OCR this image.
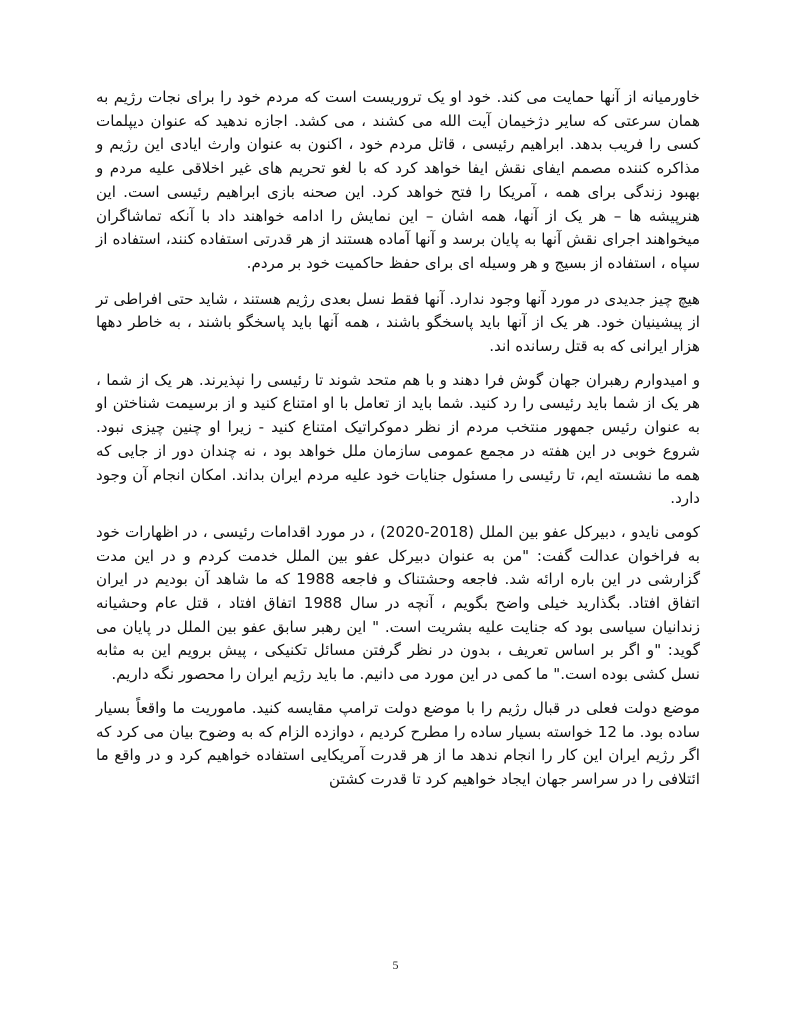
خاورمیانه از آنها حمایت می کند. خود او یک تروریست است که مردم خود را برای نجات رژیم به همان سرعتی که سایر دژخیمان آیت الله می کشند ، می کشد. اجازه ندهید که عنوان دیپلمات کسی را فریب بدهد. ابراهیم رئیسی ، قاتل مردم خود ، اکنون به عنوان وارث ایادی این رژیم و مذاکره کننده مصمم ایفای نقش ایفا خواهد کرد که با لغو تحریم های غیر اخلاقی علیه مردم و بهبود زندگی برای همه ، آمریکا را فتح خواهد کرد. این صحنه بازی ابراهیم رئیسی است. این هنرپیشه ها – هر یک از آنها، همه اشان – این نمایش را ادامه خواهند داد با آنکه تماشاگران میخواهند اجرای نقش آنها به پایان برسد و آنها آماده هستند از هر قدرتی استفاده کنند، استفاده از سپاه ، استفاده از بسیج و هر وسیله ای برای حفظ حاکمیت خود بر مردم.

هیچ چیز جدیدی در مورد آنها وجود ندارد. آنها فقط نسل بعدی رژیم هستند ، شاید حتی افراطی تر از پیشینیان خود. هر یک از آنها باید پاسخگو باشند ، همه آنها باید پاسخگو باشند ، به خاطر دهها هزار ایرانی که به قتل رسانده اند.

و امیدوارم رهبران جهان گوش فرا دهند و با هم متحد شوند تا رئیسی را نپذیرند. هر یک از شما ، هر یک از شما باید رئیسی را رد کنید. شما باید از تعامل با او امتناع کنید و از برسیمت شناختن او به عنوان رئیس جمهور منتخب مردم از نظر دموکراتیک امتناع کنید - زیرا او چنین چیزی نبود. شروع خوبی در این هفته در مجمع عمومی سازمان ملل خواهد بود ، نه چندان دور از جایی که همه ما نشسته ایم، تا رئیسی را مسئول جنایات خود علیه مردم ایران بداند. امکان انجام آن وجود دارد.

کومی نایدو ، دبیرکل عفو بین الملل (2018-2020) ، در مورد اقدامات رئیسی ، در اظهارات خود به فراخوان عدالت گفت: "من به عنوان دبیرکل عفو بین الملل خدمت کردم و در این مدت گزارشی در این باره ارائه شد. فاجعه وحشتناک و فاجعه 1988 که ما شاهد آن بودیم در ایران اتفاق افتاد. بگذارید خیلی واضح بگویم ، آنچه در سال 1988 اتفاق افتاد ، قتل عام وحشیانه زندانیان سیاسی بود که جنایت علیه بشریت است. " این رهبر سابق عفو بین الملل در پایان می گوید: "و اگر بر اساس تعریف ، بدون در نظر گرفتن مسائل تکنیکی ، پیش برویم این به مثابه نسل کشی بوده است." ما کمی در این مورد می دانیم. ما باید رژیم ایران را محصور نگه داریم.

موضع دولت فعلی در قبال رژیم را با موضع دولت ترامپ مقایسه کنید. ماموریت ما واقعاً بسیار ساده بود. ما 12 خواسته بسیار ساده را مطرح کردیم ، دوازده الزام که به وضوح بیان می کرد که اگر رژیم ایران این کار را انجام ندهد ما از هر قدرت آمریکایی استفاده خواهیم کرد و در واقع ما ائتلافی را در سراسر جهان ایجاد خواهیم کرد تا قدرت کشتن

5
